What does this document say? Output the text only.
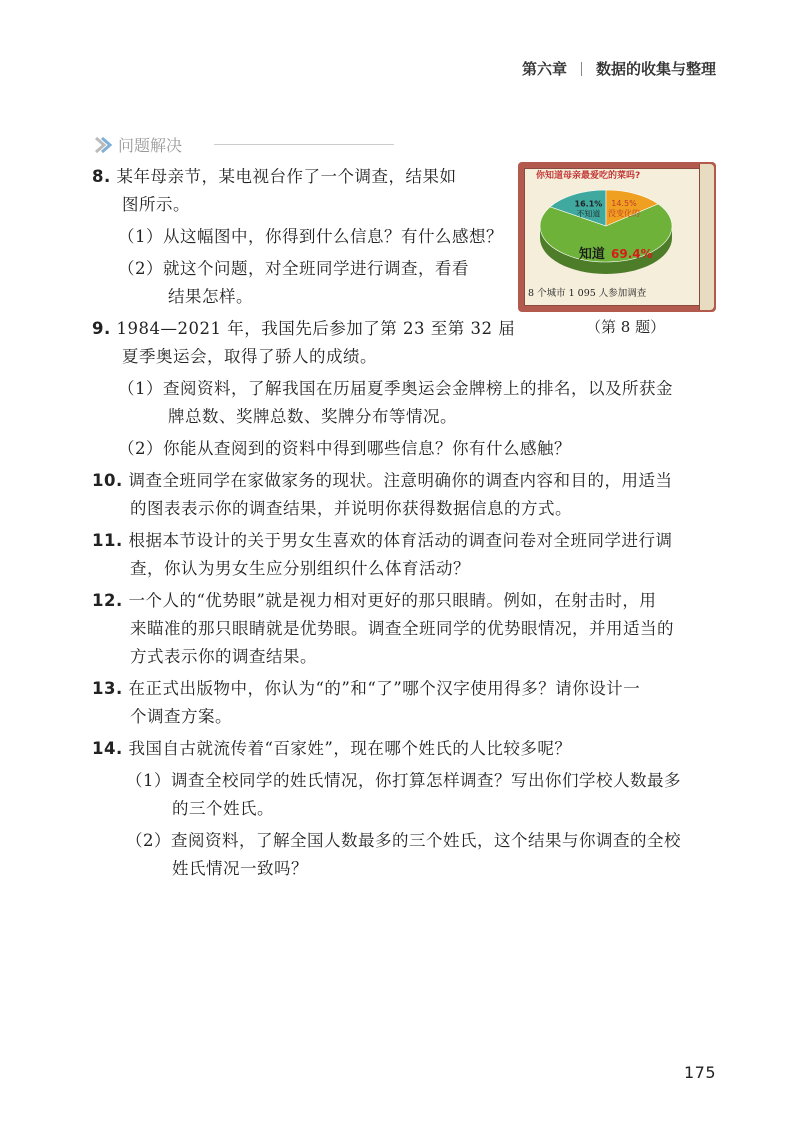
第六章 数据的收集与整理
问题解决
你知道母亲最爱吃的菜吗?
16.1%
不知道
14.5%
没变化的
知道 69.4%
8 个城市 1 095 人参加调查
（第 8 题）
8. 某年母亲节，某电视台作了一个调查，结果如
图所示。
（1）从这幅图中，你得到什么信息？有什么感想？
（2）就这个问题，对全班同学进行调查，看看
结果怎样。
9. 1984—2021 年，我国先后参加了第 23 至第 32 届
夏季奥运会，取得了骄人的成绩。
（1）查阅资料，了解我国在历届夏季奥运会金牌榜上的排名，以及所获金
牌总数、奖牌总数、奖牌分布等情况。
（2）你能从查阅到的资料中得到哪些信息？你有什么感触？
10. 调查全班同学在家做家务的现状。注意明确你的调查内容和目的，用适当
的图表表示你的调查结果，并说明你获得数据信息的方式。
11. 根据本节设计的关于男女生喜欢的体育活动的调查问卷对全班同学进行调
查，你认为男女生应分别组织什么体育活动？
12. 一个人的“优势眼”就是视力相对更好的那只眼睛。例如，在射击时，用
来瞄准的那只眼睛就是优势眼。调查全班同学的优势眼情况，并用适当的
方式表示你的调查结果。
13. 在正式出版物中，你认为“的”和“了”哪个汉字使用得多？请你设计一
个调查方案。
14. 我国自古就流传着“百家姓”，现在哪个姓氏的人比较多呢？
（1）调查全校同学的姓氏情况，你打算怎样调查？写出你们学校人数最多
的三个姓氏。
（2）查阅资料，了解全国人数最多的三个姓氏，这个结果与你调查的全校
姓氏情况一致吗？
175
